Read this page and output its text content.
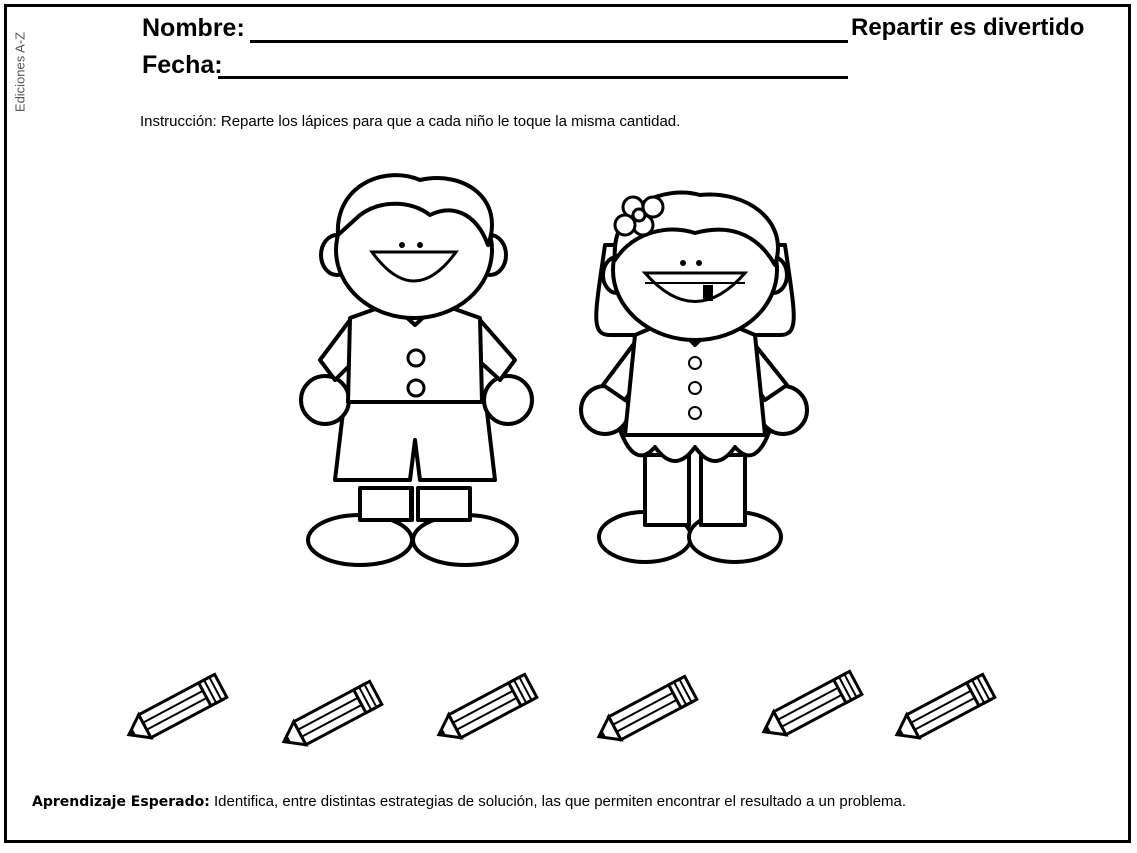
Ediciones A-Z
Nombre:	Repartir es divertido
Fecha:
Instrucción: Reparte los lápices para que a cada niño le toque la misma cantidad.
Aprendizaje Esperado: Identifica, entre distintas estrategias de solución, las que permiten encontrar el resultado a un problema.
